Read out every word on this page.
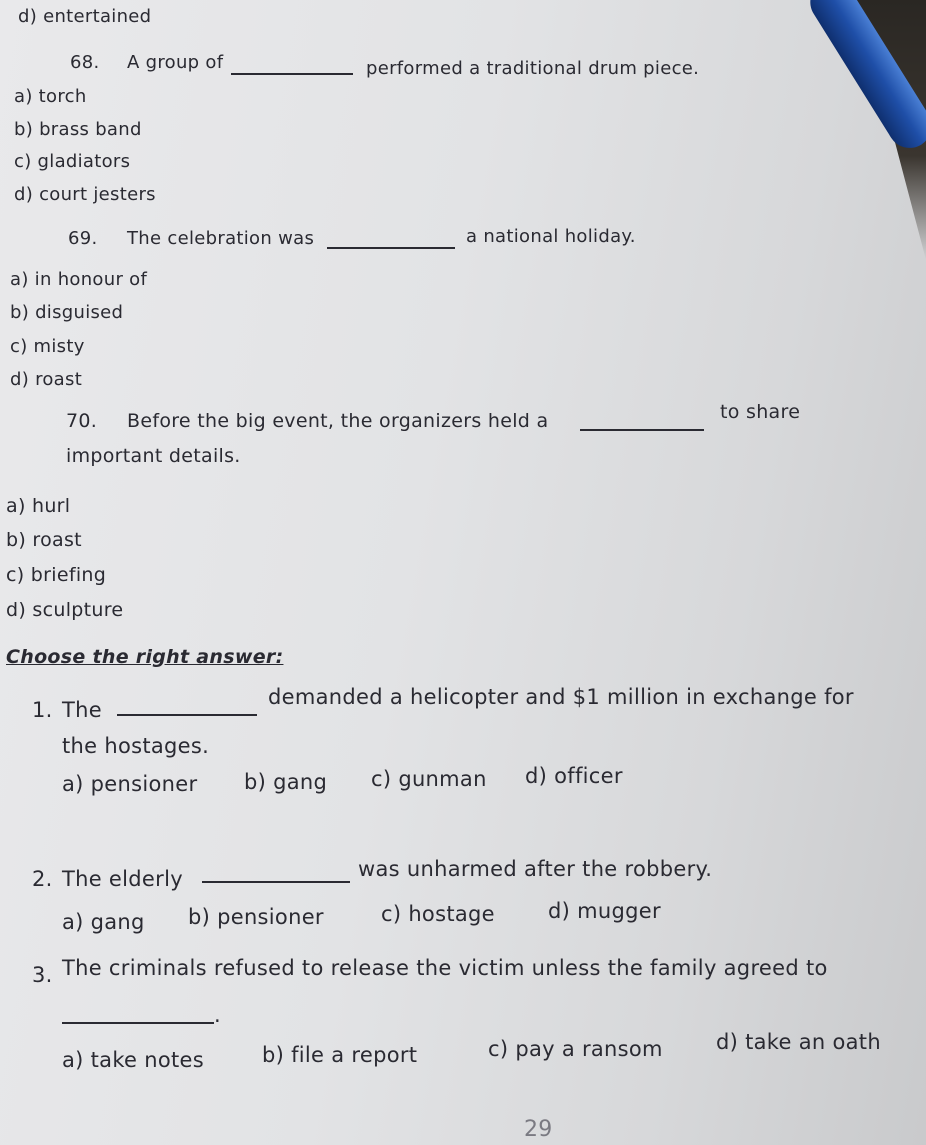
d) entertained
68. A group of	performed a traditional drum piece.
a) torch
b) brass band
c) gladiators
d) court jesters
69. The celebration was	a national holiday.
a) in honour of
b) disguised
c) misty
d) roast
70. Before the big event, the organizers held a	to share
important details.
a) hurl
b) roast
c) briefing
d) sculpture
Choose the right answer:
1. The
demanded a helicopter and $1 million in exchange for
the hostages.
a) pensioner b) gang c) gunman d) officer
2. The elderly	was unharmed after the robbery.
a) gang b) pensioner	c) hostage	d) mugger
3. The criminals refused to release the victim unless the family agreed to
.
a) take notes	b) file a report	c) pay a ransom	d) take an oath
29
